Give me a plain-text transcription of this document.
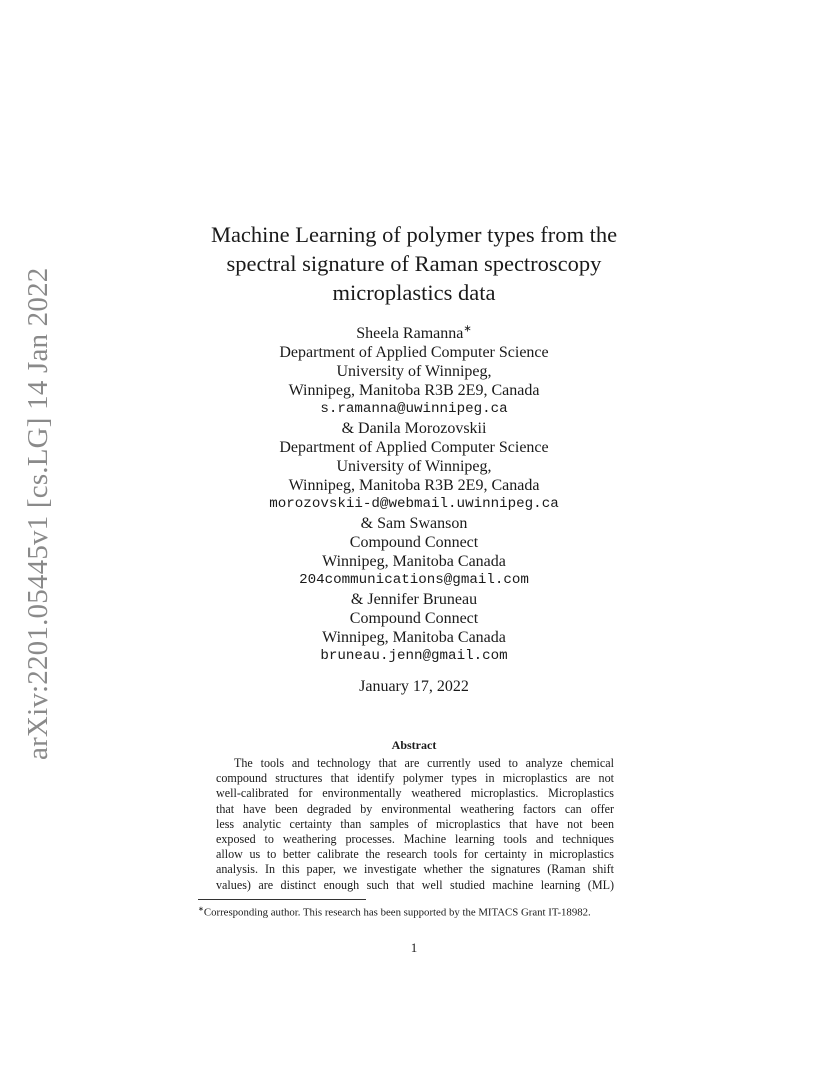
arXiv:2201.05445v1 [cs.LG] 14 Jan 2022
Machine Learning of polymer types from the
spectral signature of Raman spectroscopy
microplastics data
Sheela Ramanna∗
Department of Applied Computer Science
University of Winnipeg,
Winnipeg, Manitoba R3B 2E9, Canada
s.ramanna@uwinnipeg.ca
& Danila Morozovskii
Department of Applied Computer Science
University of Winnipeg,
Winnipeg, Manitoba R3B 2E9, Canada
morozovskii-d@webmail.uwinnipeg.ca
& Sam Swanson
Compound Connect
Winnipeg, Manitoba Canada
204communications@gmail.com
& Jennifer Bruneau
Compound Connect
Winnipeg, Manitoba Canada
bruneau.jenn@gmail.com
January 17, 2022
Abstract

The tools and technology that are currently used to analyze chemical
compound structures that identify polymer types in microplastics are not
well-calibrated for environmentally weathered microplastics. Microplastics
that have been degraded by environmental weathering factors can offer
less analytic certainty than samples of microplastics that have not been
exposed to weathering processes. Machine learning tools and techniques
allow us to better calibrate the research tools for certainty in microplastics
analysis. In this paper, we investigate whether the signatures (Raman shift
values) are distinct enough such that well studied machine learning (ML)

∗Corresponding author. This research has been supported by the MITACS Grant IT-18982.
1
